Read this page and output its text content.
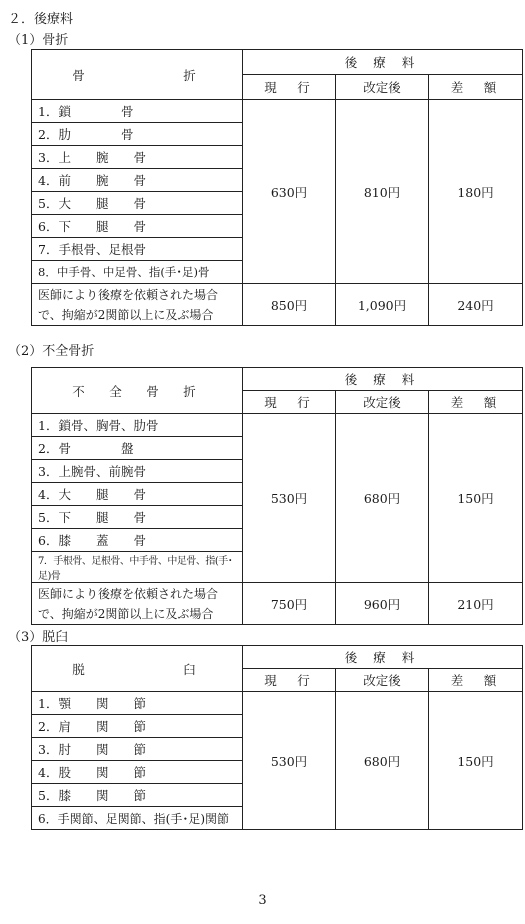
２．後療料
（1）骨折
骨　　　　　折	後 療 料		
	現　行	改定後	差　額
1．鎖　　　　骨	630円	810円	180円
2．肋　　　　骨			
3．上　　腕　　骨			
4．前　　腕　　骨			
5．大　　腿　　骨			
6．下　　腿　　骨			
7．手根骨、足根骨			
8．中手骨、中足骨、指(手･足)骨			

医師により後療を依頼された場合
で、拘縮が2関節以上に及ぶ場合	850円	1,090円	240円
（2）不全骨折
不　全　骨　折	後 療 料		
	現　行	改定後	差　額
1．鎖骨、胸骨、肋骨	530円	680円	150円
2．骨　　　　盤			
3．上腕骨、前腕骨			
4．大　　腿　　骨			
5．下　　腿　　骨			
6．膝　　蓋　　骨			
7．手根骨、足根骨、中手骨、中足骨、指(手･足)骨			

医師により後療を依頼された場合
で、拘縮が2関節以上に及ぶ場合	750円	960円	210円
（3）脱臼
脱　　　　　臼	後 療 料		
	現　行	改定後	差　額
1．顎　　関　　節	530円	680円	150円
2．肩　　関　　節			
3．肘　　関　　節			
4．股　　関　　節			
5．膝　　関　　節			
6．手関節、足関節、指(手･足)関節			
3
